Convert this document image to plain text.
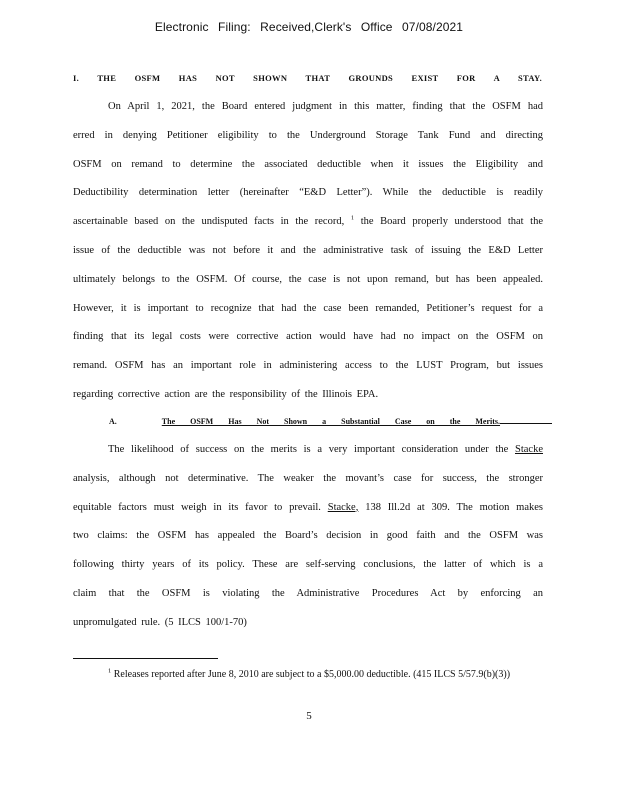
Electronic Filing: Received,Clerk's Office 07/08/2021
I. THE OSFM HAS NOT SHOWN THAT GROUNDS EXIST FOR A STAY.
On April 1, 2021, the Board entered judgment in this matter, finding that the OSFM had
erred in denying Petitioner eligibility to the Underground Storage Tank Fund and directing
OSFM on remand to determine the associated deductible when it issues the Eligibility and
Deductibility determination letter (hereinafter “E&D Letter”). While the deductible is readily
ascertainable based on the undisputed facts in the record, $^1$ the Board properly understood that the
issue of the deductible was not before it and the administrative task of issuing the E&D Letter
ultimately belongs to the OSFM. Of course, the case is not upon remand, but has been appealed.
However, it is important to recognize that had the case been remanded, Petitioner’s request for a
finding that its legal costs were corrective action would have had no impact on the OSFM on
remand. OSFM has an important role in administering access to the LUST Program, but issues
regarding corrective action are the responsibility of the Illinois EPA.
A.	The OSFM Has Not Shown a Substantial Case on the Merits.
The likelihood of success on the merits is a very important consideration under the Stacke
analysis, although not determinative. The weaker the movant’s case for success, the stronger
equitable factors must weigh in its favor to prevail. Stacke, 138 Ill.2d at 309. The motion makes
two claims: the OSFM has appealed the Board’s decision in good faith and the OSFM was
following thirty years of its policy. These are self-serving conclusions, the latter of which is a
claim that the OSFM is violating the Administrative Procedures Act by enforcing an
unpromulgated rule. (5 ILCS 100/1-70)
$^1$ Releases reported after June 8, 2010 are subject to a $5,000.00 deductible. (415 ILCS 5/57.9(b)(3))
5
